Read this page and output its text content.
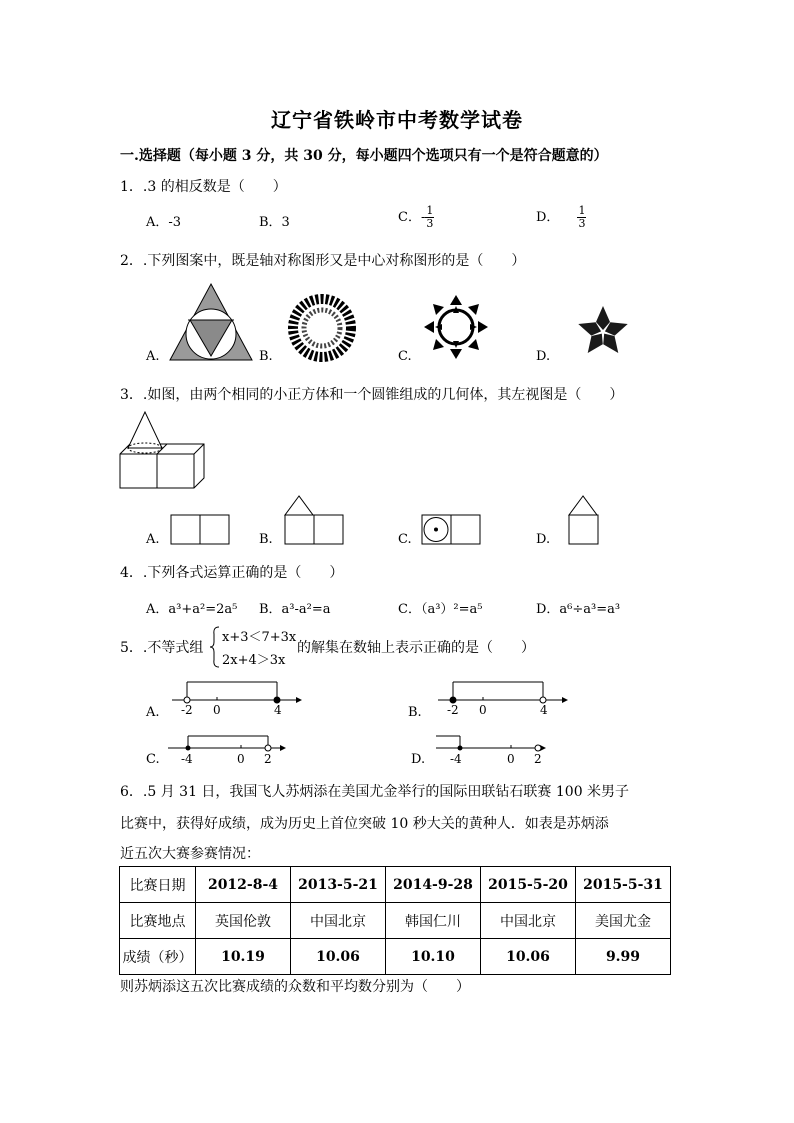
辽宁省铁岭市中考数学试卷
一.选择题（每小题 3 分，共 30 分，每小题四个选项只有一个是符合题意的）
1．.3 的相反数是（　　）
A．-3	B．3	C．- $\frac{1}{3}$	D． $\frac{1}{3}$
2．.下列图案中，既是轴对称图形又是中心对称图形的是（　　）
A.	B.	C.	D.
3．.如图，由两个相同的小正方体和一个圆锥组成的几何体，其左视图是（　　）
A.	B.	C.	D.
4．.下列各式运算正确的是（　　）
A．a³+a²=2a⁵ B．a³-a²=a	C．（a³）²=a⁵	D．a⁶÷a³=a³
5．.不等式组
x+3＜7+3x
2x+4＞3x
的解集在数轴上表示正确的是（　　）
A.	B.
C.	D.
-2 0	4	-2 0	4
-4	0 2	-4	0 2
6．.5 月 31 日，我国飞人苏炳添在美国尤金举行的国际田联钻石联赛 100 米男子
比赛中，获得好成绩，成为历史上首位突破 10 秒大关的黄种人．如表是苏炳添
近五次大赛参赛情况：
比赛日期	2012-8-4	2013-5-21	2014-9-28	2015-5-20	2015-5-31
比赛地点	英国伦敦	中国北京	韩国仁川	中国北京	美国尤金
成绩（秒）	10.19	10.06	10.10	10.06	9.99
则苏炳添这五次比赛成绩的众数和平均数分别为（　　）
